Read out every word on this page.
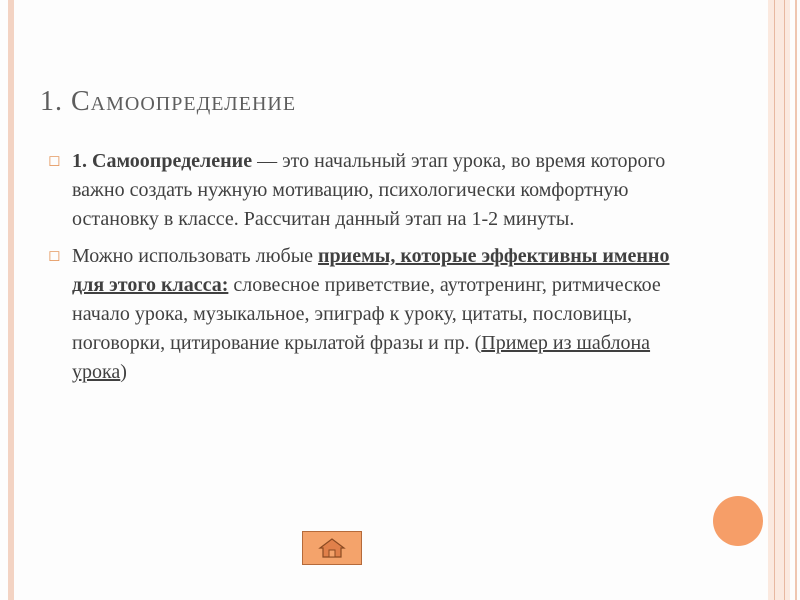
1. Самоопределение
◻ 1. Самоопределение — это начальный этап урока, во время которого важно создать нужную мотивацию, психологически комфортную остановку в классе. Рассчитан данный этап на 1-2 минуты.
◻ Можно использовать любые приемы, которые эффективны именно для этого класса: словесное приветствие, аутотренинг, ритмическое начало урока, музыкальное, эпиграф к уроку, цитаты, пословицы, поговорки, цитирование крылатой фразы и пр. (Пример из шаблона урока)
